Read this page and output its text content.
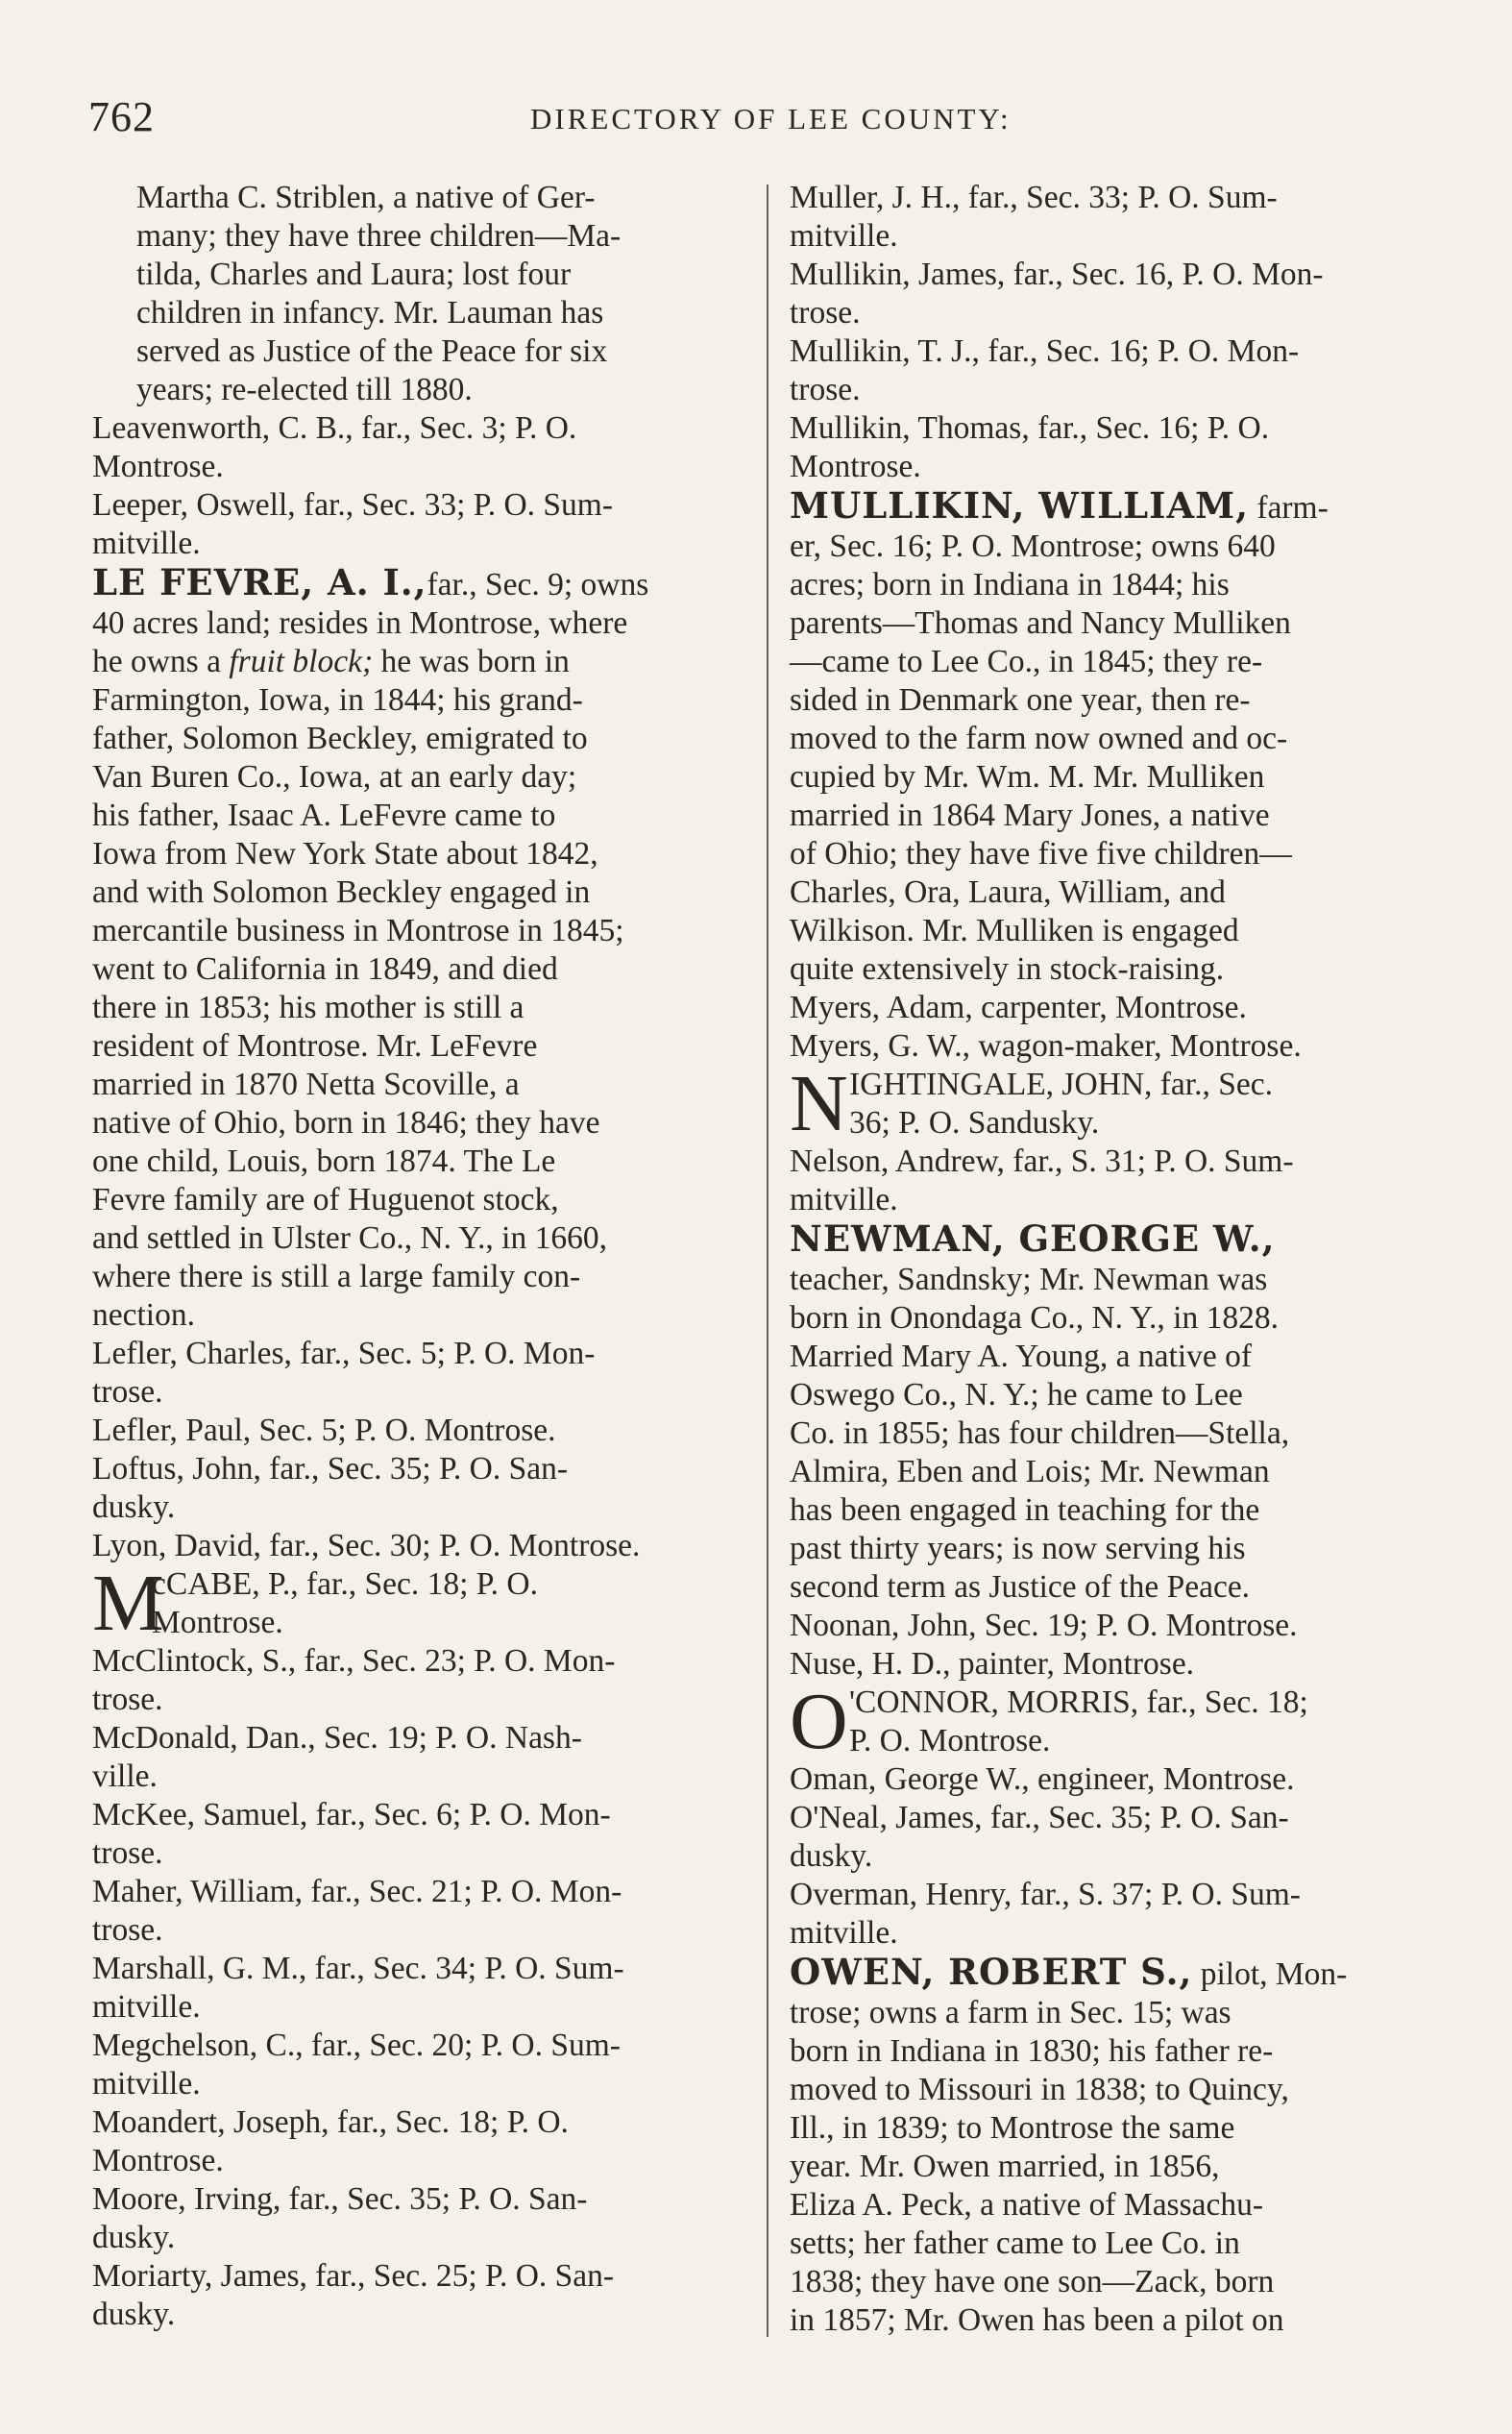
762	DIRECTORY OF LEE COUNTY:
Martha C. Striblen, a native of Ger-
many; they have three children—Ma-
tilda, Charles and Laura; lost four
children in infancy. Mr. Lauman has
served as Justice of the Peace for six
years; re-elected till 1880.
Leavenworth, C. B., far., Sec. 3; P. O.
Montrose.
Leeper, Oswell, far., Sec. 33; P. O. Sum-
mitville.
LE FEVRE, A. I.,far., Sec. 9; owns
40 acres land; resides in Montrose, where
he owns a fruit block; he was born in
Farmington, Iowa, in 1844; his grand-
father, Solomon Beckley, emigrated to
Van Buren Co., Iowa, at an early day;
his father, Isaac A. LeFevre came to
Iowa from New York State about 1842,
and with Solomon Beckley engaged in
mercantile business in Montrose in 1845;
went to California in 1849, and died
there in 1853; his mother is still a
resident of Montrose. Mr. LeFevre
married in 1870 Netta Scoville, a
native of Ohio, born in 1846; they have
one child, Louis, born 1874. The Le
Fevre family are of Huguenot stock,
and settled in Ulster Co., N. Y., in 1660,
where there is still a large family con-
nection.
Lefler, Charles, far., Sec. 5; P. O. Mon-
trose.
Lefler, Paul, Sec. 5; P. O. Montrose.
Loftus, John, far., Sec. 35; P. O. San-
dusky.
Lyon, David, far., Sec. 30; P. O. Montrose.
M
cCABE, P., far., Sec. 18; P. O.
Montrose.
McClintock, S., far., Sec. 23; P. O. Mon-
trose.
McDonald, Dan., Sec. 19; P. O. Nash-
ville.
McKee, Samuel, far., Sec. 6; P. O. Mon-
trose.
Maher, William, far., Sec. 21; P. O. Mon-
trose.
Marshall, G. M., far., Sec. 34; P. O. Sum-
mitville.
Megchelson, C., far., Sec. 20; P. O. Sum-
mitville.
Moandert, Joseph, far., Sec. 18; P. O.
Montrose.
Moore, Irving, far., Sec. 35; P. O. San-
dusky.
Moriarty, James, far., Sec. 25; P. O. San-
dusky.
Muller, J. H., far., Sec. 33; P. O. Sum-
mitville.
Mullikin, James, far., Sec. 16, P. O. Mon-
trose.
Mullikin, T. J., far., Sec. 16; P. O. Mon-
trose.
Mullikin, Thomas, far., Sec. 16; P. O.
Montrose.
MULLIKIN, WILLIAM, farm-
er, Sec. 16; P. O. Montrose; owns 640
acres; born in Indiana in 1844; his
parents—Thomas and Nancy Mulliken
—came to Lee Co., in 1845; they re-
sided in Denmark one year, then re-
moved to the farm now owned and oc-
cupied by Mr. Wm. M. Mr. Mulliken
married in 1864 Mary Jones, a native
of Ohio; they have five five children—
Charles, Ora, Laura, William, and
Wilkison. Mr. Mulliken is engaged
quite extensively in stock-raising.
Myers, Adam, carpenter, Montrose.
Myers, G. W., wagon-maker, Montrose.
N IGHTINGALE, JOHN, far., Sec.
36; P. O. Sandusky.
Nelson, Andrew, far., S. 31; P. O. Sum-
mitville.
NEWMAN, GEORGE W.,
teacher, Sandnsky; Mr. Newman was
born in Onondaga Co., N. Y., in 1828.
Married Mary A. Young, a native of
Oswego Co., N. Y.; he came to Lee
Co. in 1855; has four children—Stella,
Almira, Eben and Lois; Mr. Newman
has been engaged in teaching for the
past thirty years; is now serving his
second term as Justice of the Peace.
Noonan, John, Sec. 19; P. O. Montrose.
Nuse, H. D., painter, Montrose.
O 'CONNOR, MORRIS, far., Sec. 18;
P. O. Montrose.
Oman, George W., engineer, Montrose.
O'Neal, James, far., Sec. 35; P. O. San-
dusky.
Overman, Henry, far., S. 37; P. O. Sum-
mitville.
OWEN, ROBERT S., pilot, Mon-
trose; owns a farm in Sec. 15; was
born in Indiana in 1830; his father re-
moved to Missouri in 1838; to Quincy,
Ill., in 1839; to Montrose the same
year. Mr. Owen married, in 1856,
Eliza A. Peck, a native of Massachu-
setts; her father came to Lee Co. in
1838; they have one son—Zack, born
in 1857; Mr. Owen has been a pilot on
